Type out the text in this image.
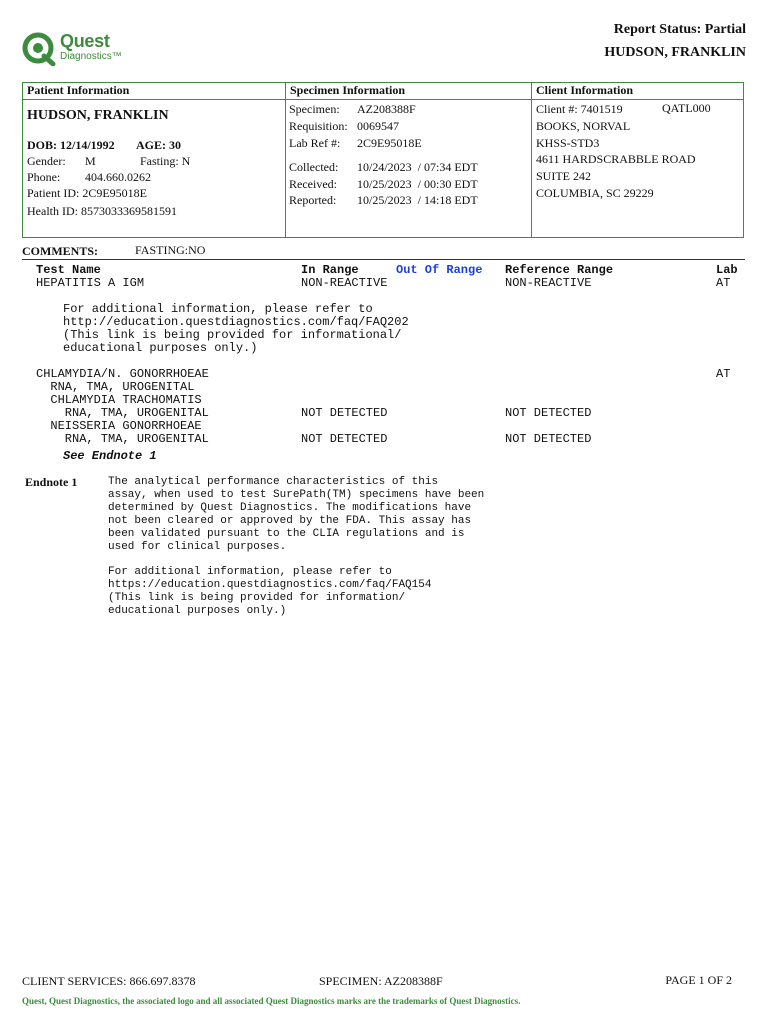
Quest
Diagnostics™
Report Status: Partial
HUDSON, FRANKLIN
Patient Information
HUDSON, FRANKLIN
DOB: 12/14/1992 AGE: 30
Gender: M	Fasting: N
Phone: 404.660.0262
Patient ID: 2C9E95018E
Health ID: 8573033369581591
Specimen Information
Specimen: AZ208388F
Requisition: 0069547
Lab Ref #: 2C9E95018E
Collected: 10/24/2023  / 07:34 EDT
Received: 10/25/2023  / 00:30 EDT
Reported: 10/25/2023  / 14:18 EDT
Client Information
Client #: 7401519	QATL000
BOOKS, NORVAL
KHSS-STD3
4611 HARDSCRABBLE ROAD
SUITE 242
COLUMBIA, SC 29229
COMMENTS:	FASTING:NO
Test Name	In Range	Out Of Range Reference Range	Lab
HEPATITIS A IGM	NON-REACTIVE	NON-REACTIVE	AT
For additional information, please refer to
http://education.questdiagnostics.com/faq/FAQ202
(This link is being provided for informational/
educational purposes only.)
CHLAMYDIA/N. GONORRHOEAE	AT
RNA, TMA, UROGENITAL
CHLAMYDIA TRACHOMATIS
RNA, TMA, UROGENITAL	NOT DETECTED	NOT DETECTED
NEISSERIA GONORRHOEAE
RNA, TMA, UROGENITAL	NOT DETECTED	NOT DETECTED
See Endnote 1
Endnote 1	The analytical performance characteristics of this
assay, when used to test SurePath(TM) specimens have been
determined by Quest Diagnostics. The modifications have
not been cleared or approved by the FDA. This assay has
been validated pursuant to the CLIA regulations and is
used for clinical purposes.
For additional information, please refer to
https://education.questdiagnostics.com/faq/FAQ154
(This link is being provided for information/
educational purposes only.)
CLIENT SERVICES: 866.697.8378	SPECIMEN: AZ208388F	PAGE 1 OF 2
Quest, Quest Diagnostics, the associated logo and all associated Quest Diagnostics marks are the trademarks of Quest Diagnostics.
